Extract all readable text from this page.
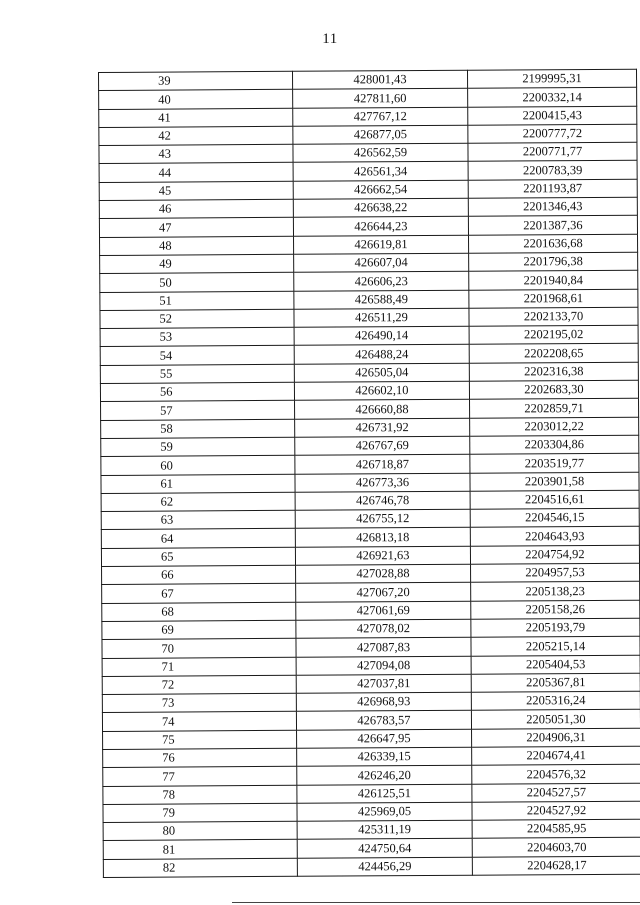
11
39	428001,43	2199995,31
40	427811,60	2200332,14
41	427767,12	2200415,43
42	426877,05	2200777,72
43	426562,59	2200771,77
44	426561,34	2200783,39
45	426662,54	2201193,87
46	426638,22	2201346,43
47	426644,23	2201387,36
48	426619,81	2201636,68
49	426607,04	2201796,38
50	426606,23	2201940,84
51	426588,49	2201968,61
52	426511,29	2202133,70
53	426490,14	2202195,02
54	426488,24	2202208,65
55	426505,04	2202316,38
56	426602,10	2202683,30
57	426660,88	2202859,71
58	426731,92	2203012,22
59	426767,69	2203304,86
60	426718,87	2203519,77
61	426773,36	2203901,58
62	426746,78	2204516,61
63	426755,12	2204546,15
64	426813,18	2204643,93
65	426921,63	2204754,92
66	427028,88	2204957,53
67	427067,20	2205138,23
68	427061,69	2205158,26
69	427078,02	2205193,79
70	427087,83	2205215,14
71	427094,08	2205404,53
72	427037,81	2205367,81
73	426968,93	2205316,24
74	426783,57	2205051,30
75	426647,95	2204906,31
76	426339,15	2204674,41
77	426246,20	2204576,32
78	426125,51	2204527,57
79	425969,05	2204527,92
80	425311,19	2204585,95
81	424750,64	2204603,70
82	424456,29	2204628,17
